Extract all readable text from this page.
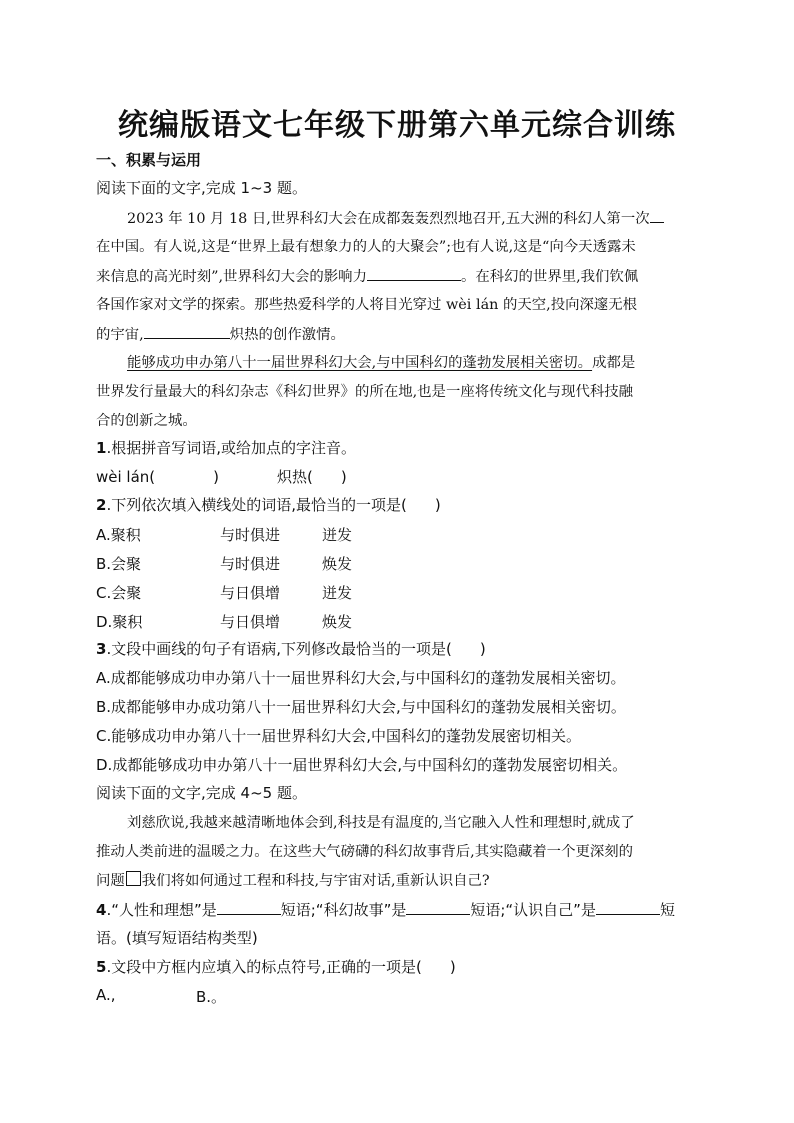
统编版语文七年级下册第六单元综合训练
一、积累与运用
阅读下面的文字,完成 1~3 题。
2023 年 10 月 18 日,世界科幻大会在成都轰轰烈烈地召开,五大洲的科幻人第一次
在中国。有人说,这是“世界上最有想象力的人的大聚会”;也有人说,这是“向今天透露未
来信息的高光时刻”,世界科幻大会的影响力	。在科幻的世界里,我们钦佩
各国作家对文学的探索。那些热爱科学的人将目光穿过 wèi lán 的天空,投向深邃无根
的宇宙,	炽热的创作激情。
能够成功申办第八十一届世界科幻大会,与中国科幻的蓬勃发展相关密切。成都是
世界发行量最大的科幻杂志《科幻世界》的所在地,也是一座将传统文化与现代科技融
合的创新之城。
1.根据拼音写词语,或给加点的字注音。
wèi lán(	)	炽热( )
2.下列依次填入横线处的词语,最恰当的一项是( )
A.聚积	与时俱进	迸发
B.会聚	与时俱进	焕发
C.会聚	与日俱增	迸发
D.聚积	与日俱增	焕发
3.文段中画线的句子有语病,下列修改最恰当的一项是( )
A.成都能够成功申办第八十一届世界科幻大会,与中国科幻的蓬勃发展相关密切。
B.成都能够申办成功第八十一届世界科幻大会,与中国科幻的蓬勃发展相关密切。
C.能够成功申办第八十一届世界科幻大会,中国科幻的蓬勃发展密切相关。
D.成都能够成功申办第八十一届世界科幻大会,与中国科幻的蓬勃发展密切相关。
阅读下面的文字,完成 4~5 题。
刘慈欣说,我越来越清晰地体会到,科技是有温度的,当它融入人性和理想时,就成了
推动人类前进的温暖之力。在这些大气磅礴的科幻故事背后,其实隐藏着一个更深刻的
问题 我们将如何通过工程和科技,与宇宙对话,重新认识自己?
4.“人性和理想”是	短语;“科幻故事”是	短语;“认识自己”是	短
语。(填写短语结构类型)
5.文段中方框内应填入的标点符号,正确的一项是( )
A.,	B.。
